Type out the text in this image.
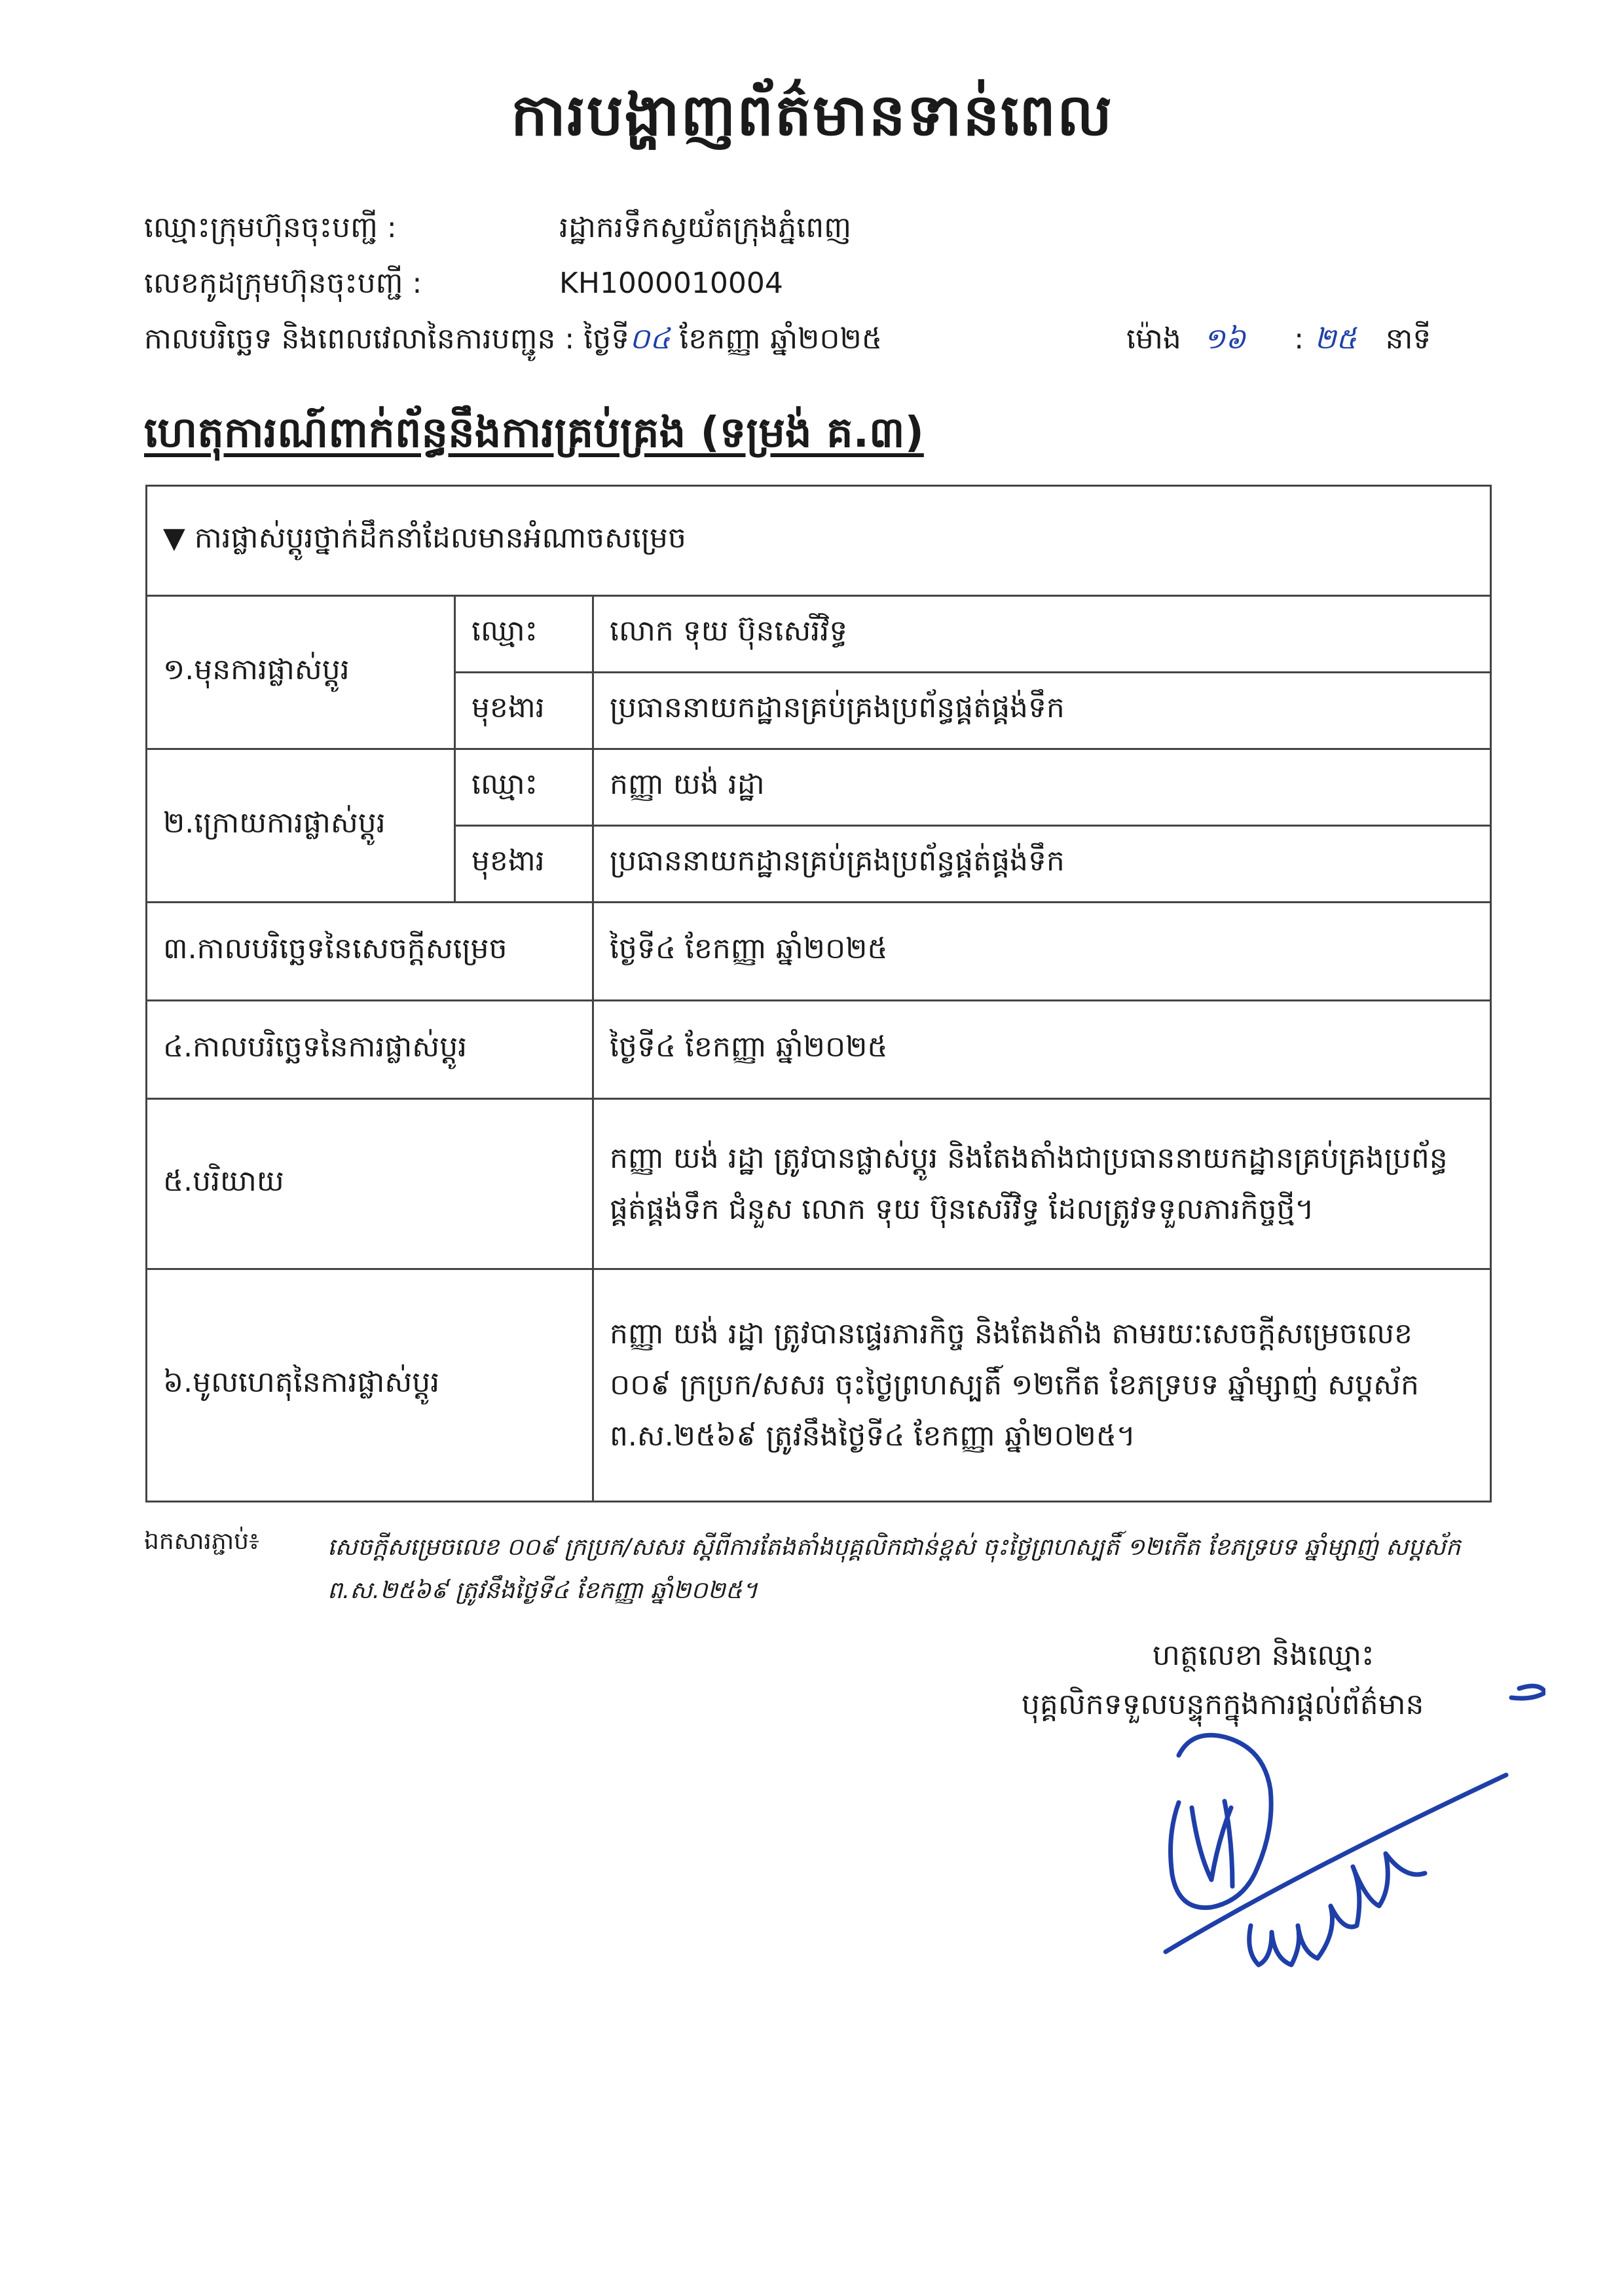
ការបង្ហាញព័ត៌មានទាន់ពេល
ឈ្មោះក្រុមហ៊ុនចុះបញ្ជី :	រដ្ឋាករទឹកស្វយ័តក្រុងភ្នំពេញ
លេខកូដក្រុមហ៊ុនចុះបញ្ជី :	KH1000010004
កាលបរិច្ឆេទ និងពេលវេលានៃការបញ្ជូន : ថ្ងៃទី០៤ ខែកញ្ញា ឆ្នាំ២០២៥	ម៉ោង ១៦ : ២៥ នាទី
ហេតុការណ៍ពាក់ព័ន្ធនឹងការគ្រប់គ្រង (ទម្រង់ គ.៣)
▼ ការផ្លាស់ប្តូរថ្នាក់ដឹកនាំដែលមានអំណាចសម្រេច		
១.មុនការផ្លាស់ប្តូរ	ឈ្មោះ	លោក ទុយ ប៊ុនសេរីវិទ្ធ
	មុខងារ	ប្រធាននាយកដ្ឋានគ្រប់គ្រងប្រព័ន្ធផ្គត់ផ្គង់ទឹក
២.ក្រោយការផ្លាស់ប្តូរ	ឈ្មោះ	កញ្ញា យង់ រដ្ឋា
	មុខងារ	ប្រធាននាយកដ្ឋានគ្រប់គ្រងប្រព័ន្ធផ្គត់ផ្គង់ទឹក
៣.កាលបរិច្ឆេទនៃសេចក្តីសម្រេច		ថ្ងៃទី៤ ខែកញ្ញា ឆ្នាំ២០២៥
៤.កាលបរិច្ឆេទនៃការផ្លាស់ប្តូរ		ថ្ងៃទី៤ ខែកញ្ញា ឆ្នាំ២០២៥
៥.បរិយាយ		កញ្ញា យង់ រដ្ឋា ត្រូវបានផ្លាស់ប្តូរ និងតែងតាំងជាប្រធាននាយកដ្ឋានគ្រប់គ្រងប្រព័ន្ធផ្គត់ផ្គង់ទឹក ជំនួស លោក ទុយ ប៊ុនសេរីវិទ្ធ ដែលត្រូវទទួលភារកិច្ចថ្មី។
៦.មូលហេតុនៃការផ្លាស់ប្តូរ		កញ្ញា យង់ រដ្ឋា ត្រូវបានផ្ទេរភារកិច្ច និងតែងតាំង តាមរយៈសេចក្តីសម្រេចលេខ ០០៩ ក្រប្រក/សសរ ចុះថ្ងៃព្រហស្បតិ៍ ១២កើត ខែភទ្របទ ឆ្នាំម្សាញ់ សប្តស័ក ព.ស.២៥៦៩ ត្រូវនឹងថ្ងៃទី៤ ខែកញ្ញា ឆ្នាំ២០២៥។
ឯកសារភ្ជាប់៖	សេចក្តីសម្រេចលេខ ០០៩ ក្រប្រក/សសរ ស្តីពីការតែងតាំងបុគ្គលិកជាន់ខ្ពស់ ចុះថ្ងៃព្រហស្បតិ៍ ១២កើត ខែភទ្របទ ឆ្នាំម្សាញ់ សប្តស័ក ព.ស.២៥៦៩ ត្រូវនឹងថ្ងៃទី៤ ខែកញ្ញា ឆ្នាំ២០២៥។
ហត្ថលេខា និងឈ្មោះ
បុគ្គលិកទទួលបន្ទុកក្នុងការផ្តល់ព័ត៌មាន
